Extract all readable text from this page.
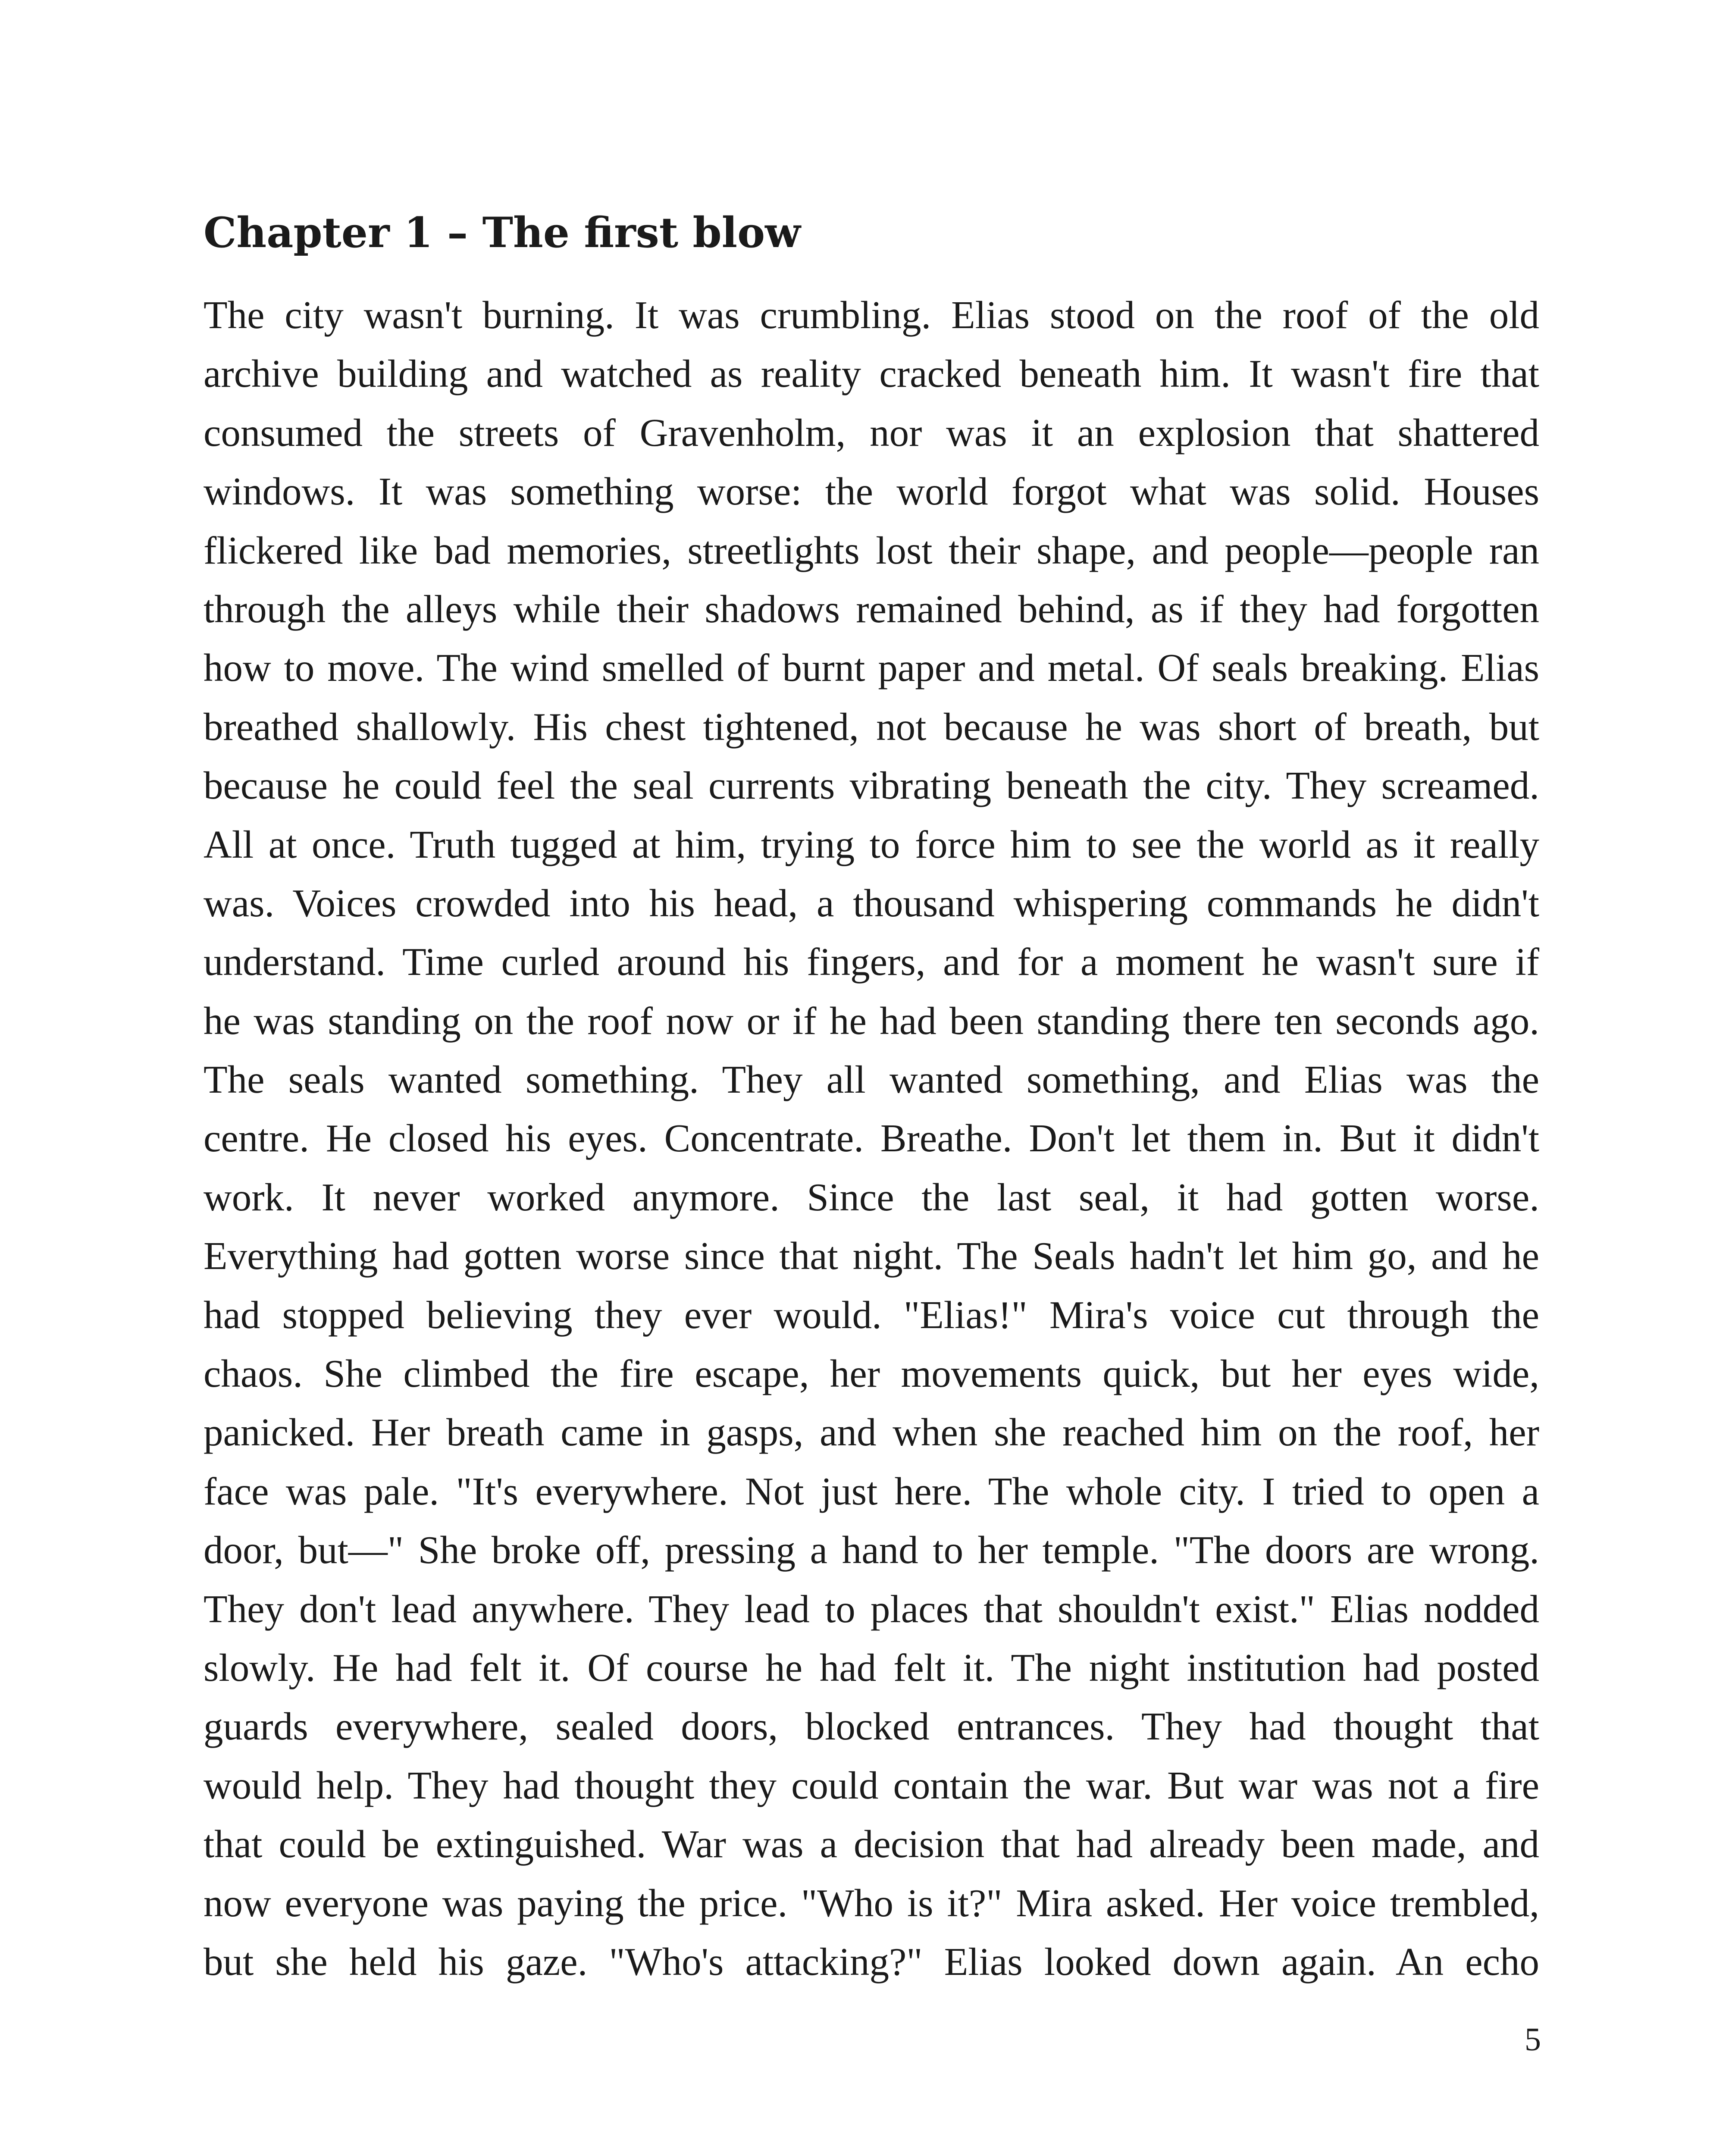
Chapter 1 – The first blow
The city wasn't burning. It was crumbling. Elias stood on the roof of the old
archive building and watched as reality cracked beneath him. It wasn't fire that
consumed the streets of Gravenholm, nor was it an explosion that shattered
windows. It was something worse: the world forgot what was solid. Houses
flickered like bad memories, streetlights lost their shape, and people—people ran
through the alleys while their shadows remained behind, as if they had forgotten
how to move. The wind smelled of burnt paper and metal. Of seals breaking. Elias
breathed shallowly. His chest tightened, not because he was short of breath, but
because he could feel the seal currents vibrating beneath the city. They screamed.
All at once. Truth tugged at him, trying to force him to see the world as it really
was. Voices crowded into his head, a thousand whispering commands he didn't
understand. Time curled around his fingers, and for a moment he wasn't sure if
he was standing on the roof now or if he had been standing there ten seconds ago.
The seals wanted something. They all wanted something, and Elias was the
centre. He closed his eyes. Concentrate. Breathe. Don't let them in. But it didn't
work. It never worked anymore. Since the last seal, it had gotten worse.
Everything had gotten worse since that night. The Seals hadn't let him go, and he
had stopped believing they ever would. "Elias!" Mira's voice cut through the
chaos. She climbed the fire escape, her movements quick, but her eyes wide,
panicked. Her breath came in gasps, and when she reached him on the roof, her
face was pale. "It's everywhere. Not just here. The whole city. I tried to open a
door, but—" She broke off, pressing a hand to her temple. "The doors are wrong.
They don't lead anywhere. They lead to places that shouldn't exist." Elias nodded
slowly. He had felt it. Of course he had felt it. The night institution had posted
guards everywhere, sealed doors, blocked entrances. They had thought that
would help. They had thought they could contain the war. But war was not a fire
that could be extinguished. War was a decision that had already been made, and
now everyone was paying the price. "Who is it?" Mira asked. Her voice trembled,
but she held his gaze. "Who's attacking?" Elias looked down again. An echo
5
